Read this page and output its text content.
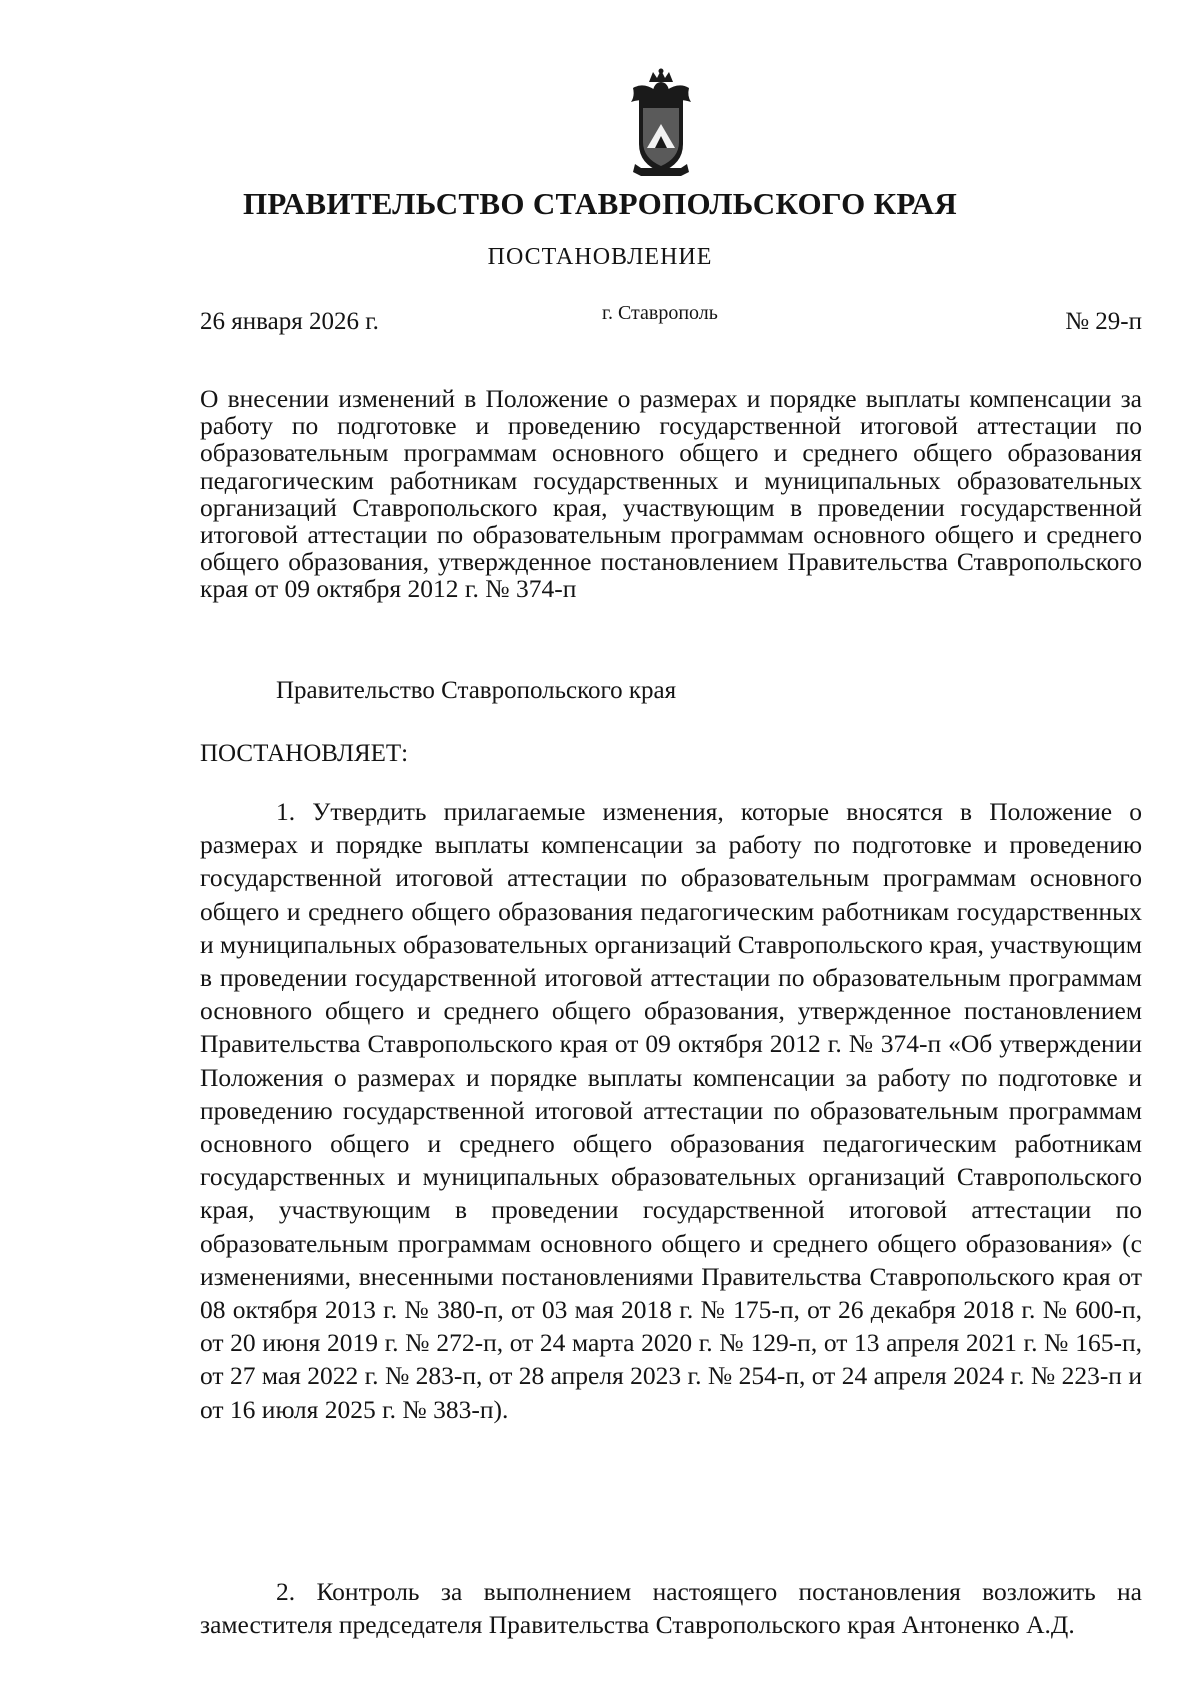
ПРАВИТЕЛЬСТВО СТАВРОПОЛЬСКОГО КРАЯ
ПОСТАНОВЛЕНИЕ
26 января 2026 г.	г. Ставрополь	№ 29-п

О внесении изменений в Положение о размерах и порядке выплаты компенсации за работу по подготовке и проведению государственной итоговой аттестации по образовательным программам основного общего и среднего общего образования педагогическим работникам государственных и муниципальных образовательных организаций Ставропольского края, участвующим в проведении государственной итоговой аттестации по образовательным программам основного общего и среднего общего образования, утвержденное постановлением Правительства Ставропольского края от 09 октября 2012 г. № 374-п

Правительство Ставропольского края
ПОСТАНОВЛЯЕТ:

1. Утвердить прилагаемые изменения, которые вносятся в Положение о размерах и порядке выплаты компенсации за работу по подготовке и проведению государственной итоговой аттестации по образовательным программам основного общего и среднего общего образования педагогическим работникам государственных и муниципальных образовательных организаций Ставропольского края, участвующим в проведении государственной итоговой аттестации по образовательным программам основного общего и среднего общего образования, утвержденное постановлением Правительства Ставропольского края от 09 октября 2012 г. № 374-п «Об утверждении Положения о размерах и порядке выплаты компенсации за работу по подготовке и проведению государственной итоговой аттестации по образовательным программам основного общего и среднего общего образования педагогическим работникам государственных и муниципальных образовательных организаций Ставропольского края, участвующим в проведении государственной итоговой аттестации по образовательным программам основного общего и среднего общего образования» (с изменениями, внесенными постановлениями Правительства Ставропольского края от 08 октября 2013 г. № 380-п, от 03 мая 2018 г. № 175-п, от 26 декабря 2018 г. № 600-п, от 20 июня 2019 г. № 272-п, от 24 марта 2020 г. № 129-п, от 13 апреля 2021 г. № 165-п, от 27 мая 2022 г. № 283-п, от 28 апреля 2023 г. № 254-п, от 24 апреля 2024 г. № 223-п и от 16 июля 2025 г. № 383-п).

2. Контроль за выполнением настоящего постановления возложить на заместителя председателя Правительства Ставропольского края Антоненко А.Д.
